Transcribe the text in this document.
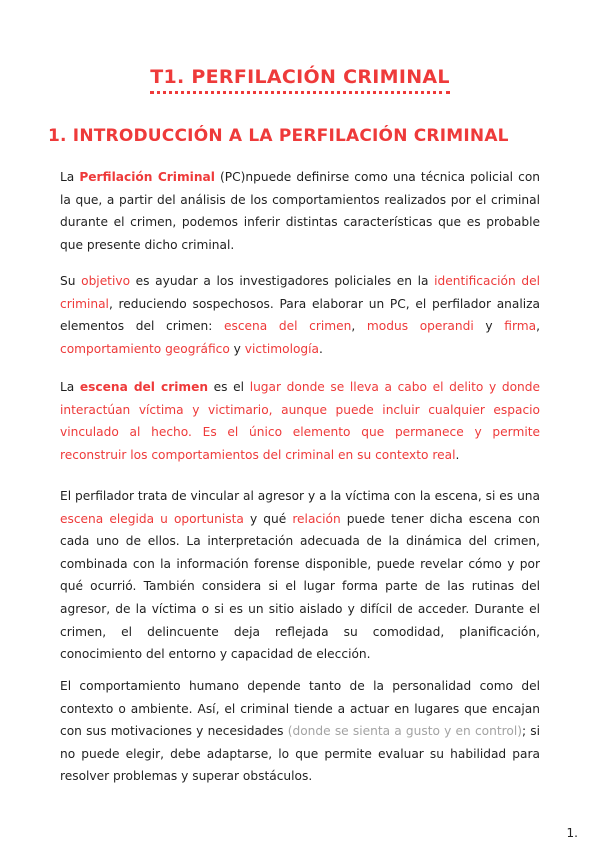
T1. PERFILACIÓN CRIMINAL
1. INTRODUCCIÓN A LA PERFILACIÓN CRIMINAL

La Perfilación Criminal (PC)npuede definirse como una técnica policial con la que, a partir del análisis de los comportamientos realizados por el criminal durante el crimen, podemos inferir distintas características que es probable que presente dicho criminal.

Su objetivo es ayudar a los investigadores policiales en la identificación del criminal, reduciendo sospechosos. Para elaborar un PC, el perfilador analiza elementos del crimen: escena del crimen, modus operandi y firma, comportamiento geográfico y victimología.

La escena del crimen es el lugar donde se lleva a cabo el delito y donde interactúan víctima y victimario, aunque puede incluir cualquier espacio vinculado al hecho. Es el único elemento que permanece y permite reconstruir los comportamientos del criminal en su contexto real.

El perfilador trata de vincular al agresor y a la víctima con la escena, si es una escena elegida u oportunista y qué relación puede tener dicha escena con cada uno de ellos. La interpretación adecuada de la dinámica del crimen, combinada con la información forense disponible, puede revelar cómo y por qué ocurrió. También considera si el lugar forma parte de las rutinas del agresor, de la víctima o si es un sitio aislado y difícil de acceder. Durante el crimen, el delincuente deja reflejada su comodidad, planificación, conocimiento del entorno y capacidad de elección.

El comportamiento humano depende tanto de la personalidad como del contexto o ambiente. Así, el criminal tiende a actuar en lugares que encajan con sus motivaciones y necesidades (donde se sienta a gusto y en control); si no puede elegir, debe adaptarse, lo que permite evaluar su habilidad para resolver problemas y superar obstáculos.

1.
